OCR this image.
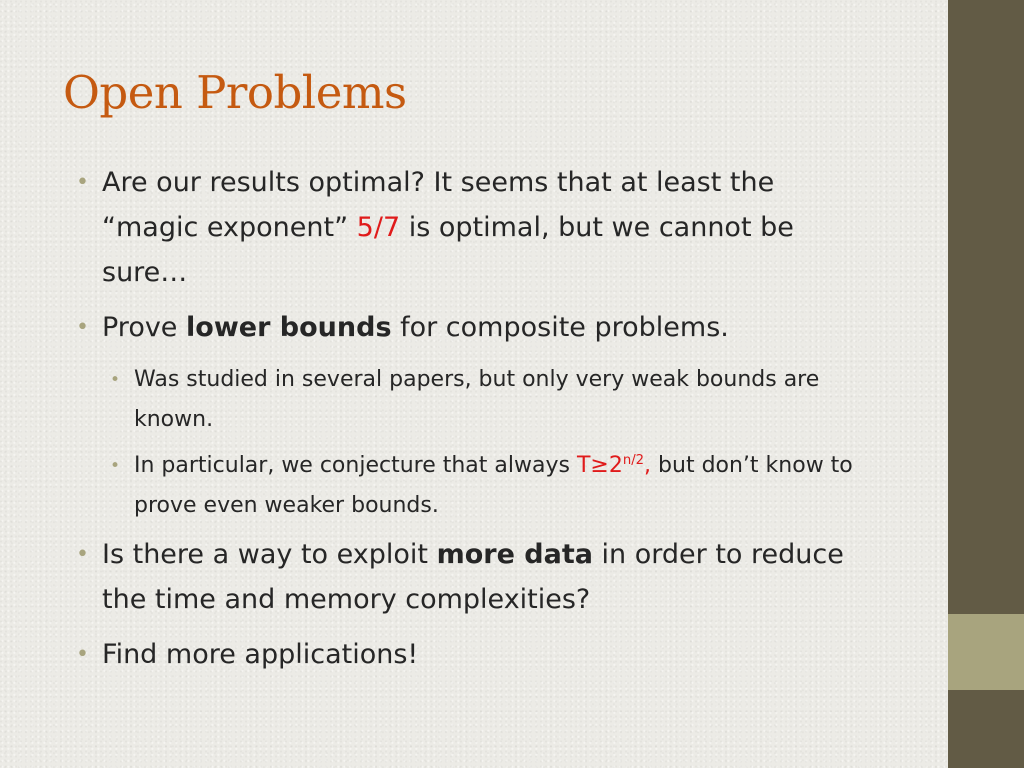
Open Problems
• Are our results optimal? It seems that at least the “magic exponent” 5/7 is optimal, but we cannot be sure…
• Prove lower bounds for composite problems.
• Was studied in several papers, but only very weak bounds are known.
• In particular, we conjecture that always $T\ge 2^{n/2}$, but don’t know to prove even weaker bounds.
• Is there a way to exploit more data in order to reduce the time and memory complexities?
• Find more applications!
